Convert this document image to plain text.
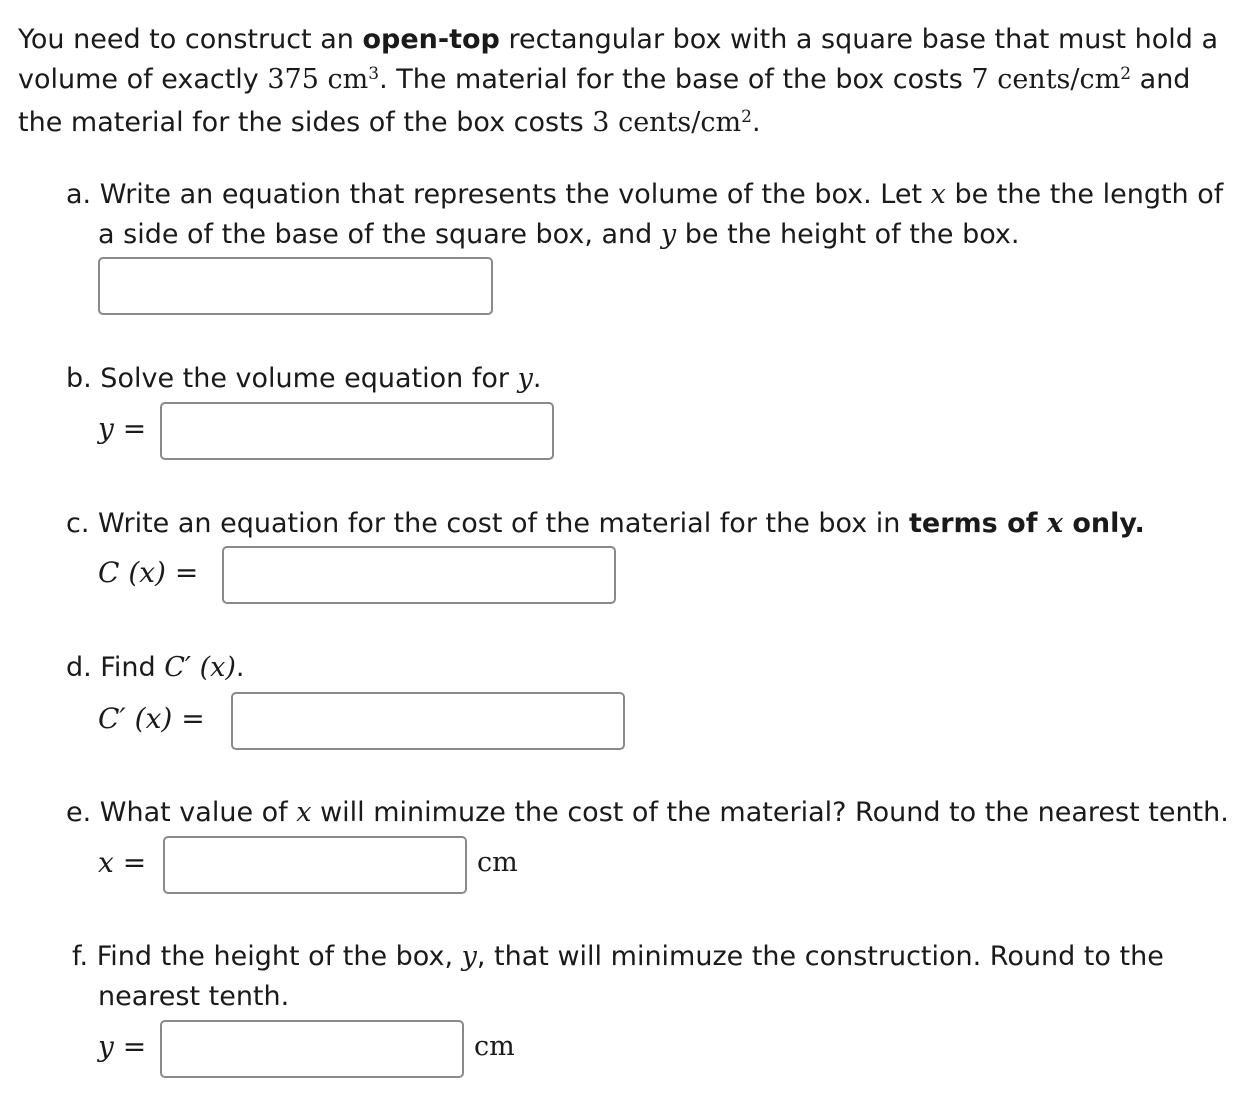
You need to construct an open-top rectangular box with a square base that must hold a

volume of exactly 375 $cm^3$. The material for the base of the box costs 7 cents/$cm^2$ and

the material for the sides of the box costs 3 cents/$cm^2$.

a. Write an equation that represents the volume of the box. Let x be the the length of

a side of the base of the square box, and y be the height of the box.

b. Solve the volume equation for y.

y =

c. Write an equation for the cost of the material for the box in terms of x only.

C (x) =

d. Find C′ (x).

C′ (x) =

e. What value of x will minimuze the cost of the material? Round to the nearest tenth.

x =	cm

f. Find the height of the box, y, that will minimuze the construction. Round to the

nearest tenth.

y =	cm
